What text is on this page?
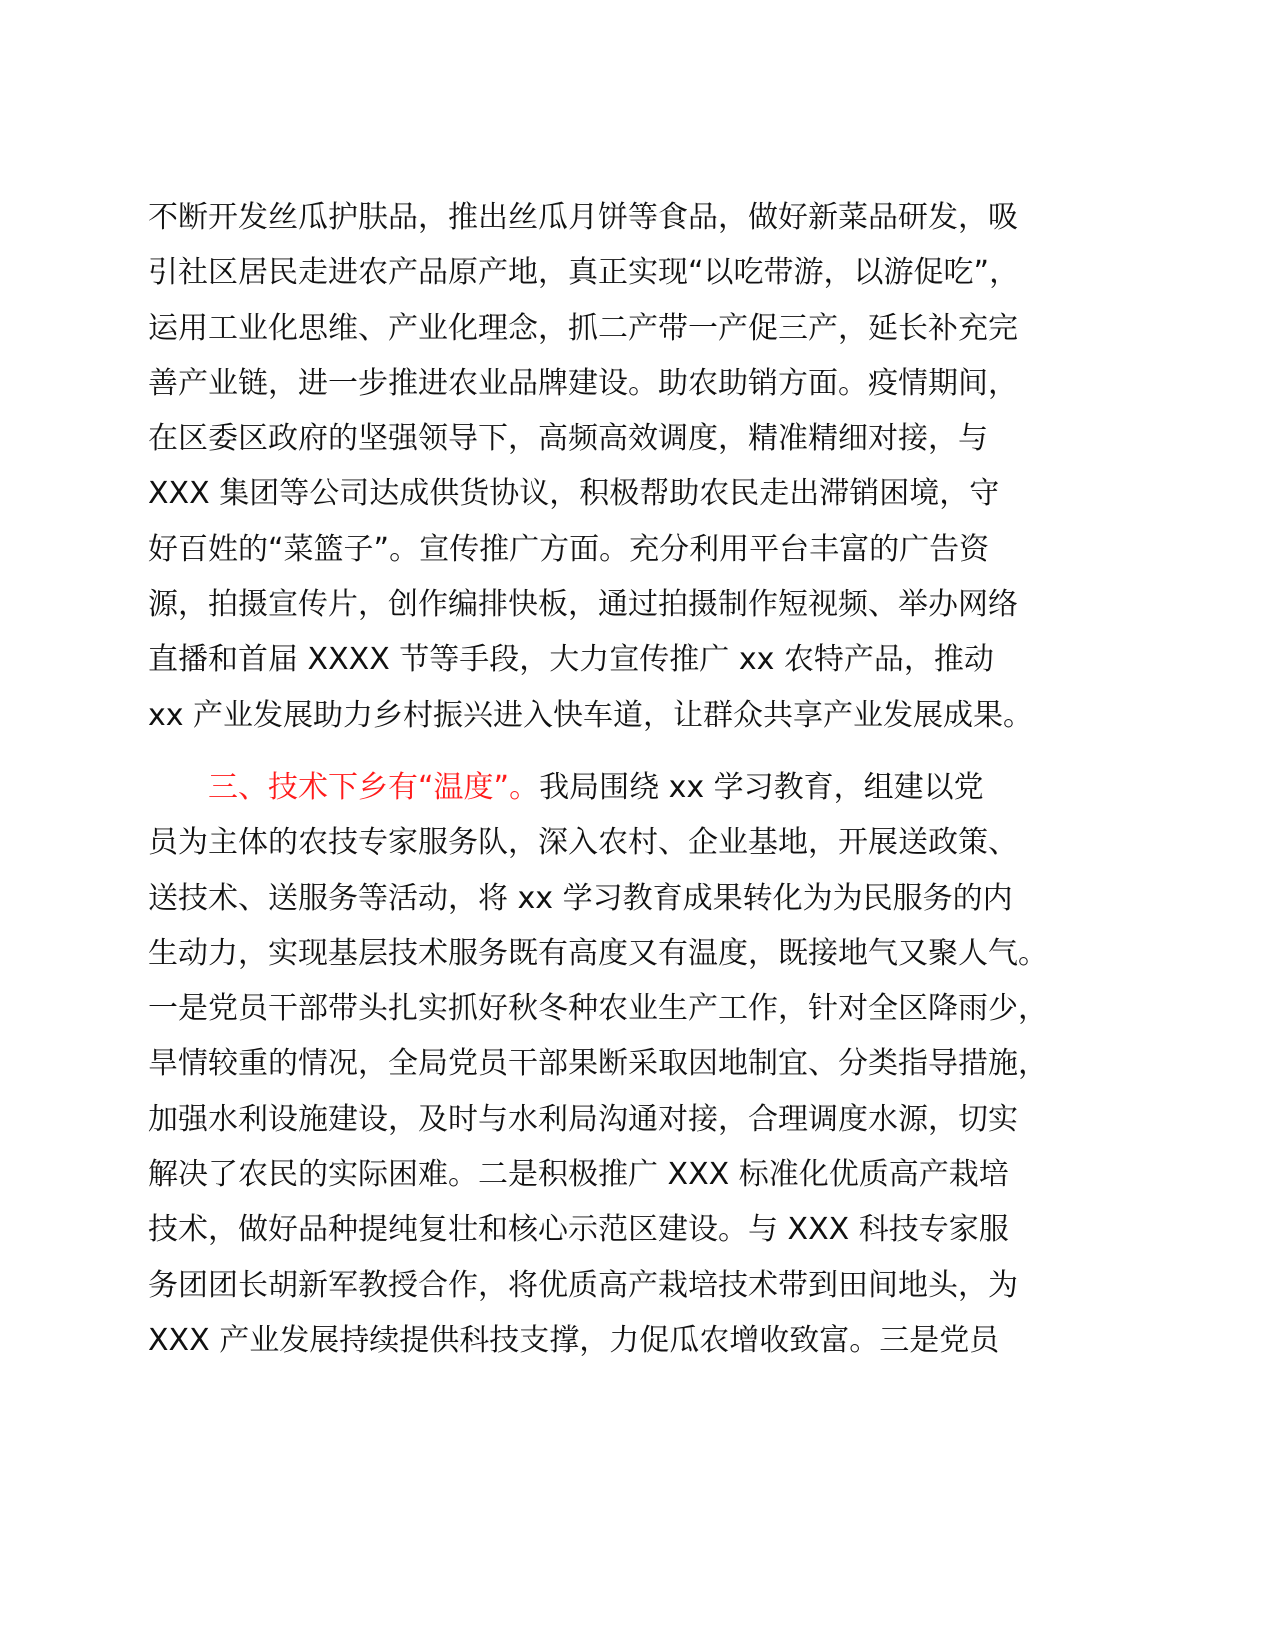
不断开发丝瓜护肤品，推出丝瓜月饼等食品，做好新菜品研发，吸
引社区居民走进农产品原产地，真正实现“以吃带游，以游促吃”，
运用工业化思维、产业化理念，抓二产带一产促三产，延长补充完
善产业链，进一步推进农业品牌建设。助农助销方面。疫情期间，
在区委区政府的坚强领导下，高频高效调度，精准精细对接，与
XXX 集团等公司达成供货协议，积极帮助农民走出滞销困境，守
好百姓的“菜篮子”。宣传推广方面。充分利用平台丰富的广告资
源，拍摄宣传片，创作编排快板，通过拍摄制作短视频、举办网络
直播和首届 XXXX 节等手段，大力宣传推广 xx 农特产品，推动
xx 产业发展助力乡村振兴进入快车道，让群众共享产业发展成果。
三、技术下乡有“温度”。我局围绕 xx 学习教育，组建以党
员为主体的农技专家服务队，深入农村、企业基地，开展送政策、
送技术、送服务等活动，将 xx 学习教育成果转化为为民服务的内
生动力，实现基层技术服务既有高度又有温度，既接地气又聚人气。
一是党员干部带头扎实抓好秋冬种农业生产工作，针对全区降雨少，
旱情较重的情况，全局党员干部果断采取因地制宜、分类指导措施，
加强水利设施建设，及时与水利局沟通对接，合理调度水源，切实
解决了农民的实际困难。二是积极推广 XXX 标准化优质高产栽培
技术，做好品种提纯复壮和核心示范区建设。与 XXX 科技专家服
务团团长胡新军教授合作，将优质高产栽培技术带到田间地头，为
XXX 产业发展持续提供科技支撑，力促瓜农增收致富。三是党员
